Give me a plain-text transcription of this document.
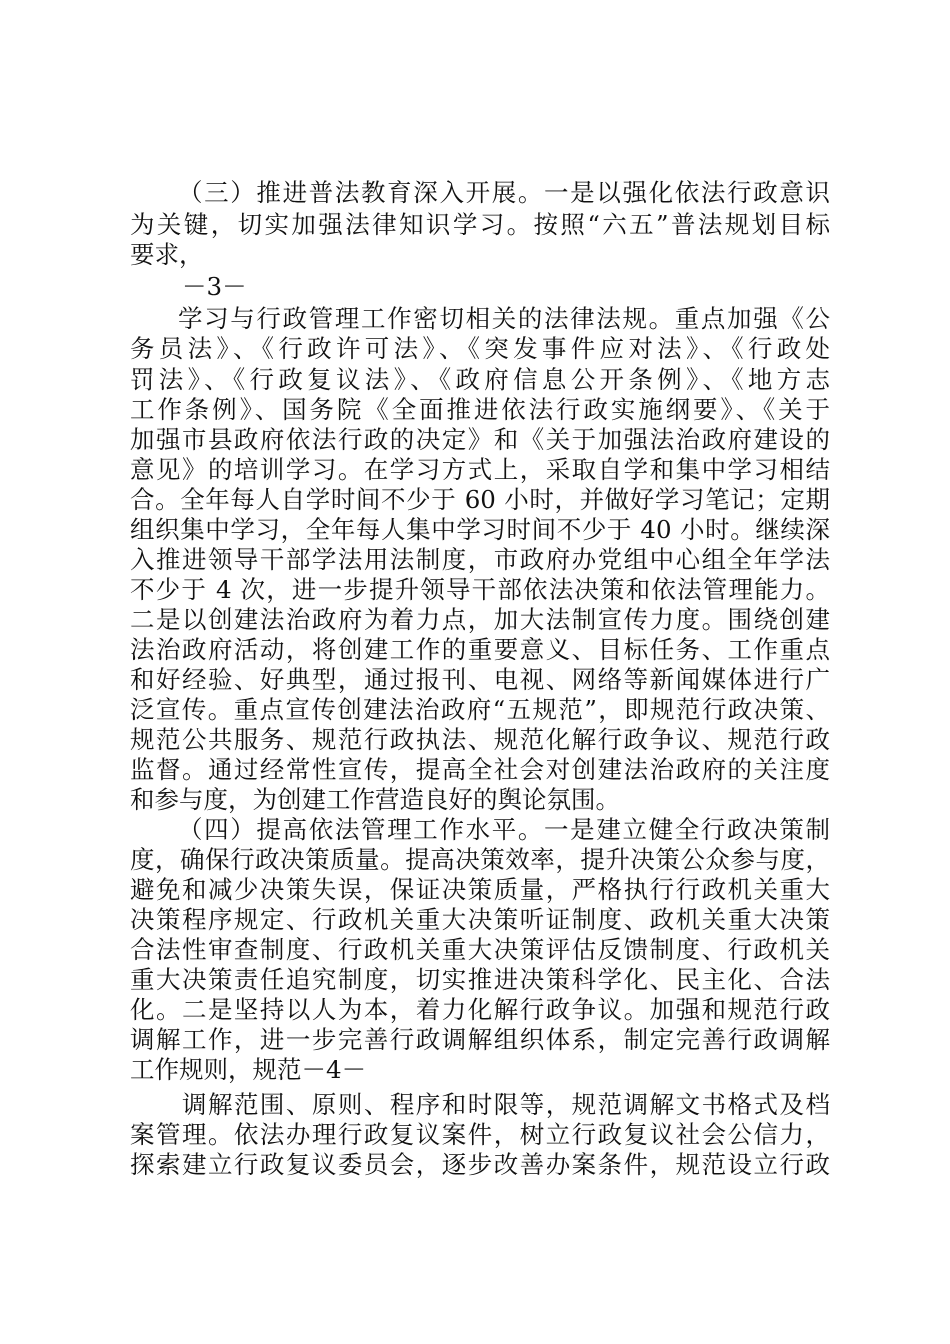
（三）推进普法教育深入开展。一是以强化依法行政意识
为关键，切实加强法律知识学习。按照“六五”普法规划目标
要求，
－3－
学习与行政管理工作密切相关的法律法规。重点加强《公
务员法》、《行政许可法》、《突发事件应对法》、《行政处
罚法》、《行政复议法》、《政府信息公开条例》、《地方志
工作条例》、国务院《全面推进依法行政实施纲要》、《关于
加强市县政府依法行政的决定》和《关于加强法治政府建设的
意见》的培训学习。在学习方式上，采取自学和集中学习相结
合。全年每人自学时间不少于 60 小时，并做好学习笔记；定期
组织集中学习，全年每人集中学习时间不少于 40 小时。继续深
入推进领导干部学法用法制度，市政府办党组中心组全年学法
不少于 4 次，进一步提升领导干部依法决策和依法管理能力。
二是以创建法治政府为着力点，加大法制宣传力度。围绕创建
法治政府活动，将创建工作的重要意义、目标任务、工作重点
和好经验、好典型，通过报刊、电视、网络等新闻媒体进行广
泛宣传。重点宣传创建法治政府“五规范”，即规范行政决策、
规范公共服务、规范行政执法、规范化解行政争议、规范行政
监督。通过经常性宣传，提高全社会对创建法治政府的关注度
和参与度，为创建工作营造良好的舆论氛围。
（四）提高依法管理工作水平。一是建立健全行政决策制
度，确保行政决策质量。提高决策效率，提升决策公众参与度，
避免和减少决策失误，保证决策质量，严格执行行政机关重大
决策程序规定、行政机关重大决策听证制度、政机关重大决策
合法性审查制度、行政机关重大决策评估反馈制度、行政机关
重大决策责任追究制度，切实推进决策科学化、民主化、合法
化。二是坚持以人为本，着力化解行政争议。加强和规范行政
调解工作，进一步完善行政调解组织体系，制定完善行政调解
工作规则，规范－4－
调解范围、原则、程序和时限等，规范调解文书格式及档
案管理。依法办理行政复议案件，树立行政复议社会公信力，
探索建立行政复议委员会，逐步改善办案条件，规范设立行政
